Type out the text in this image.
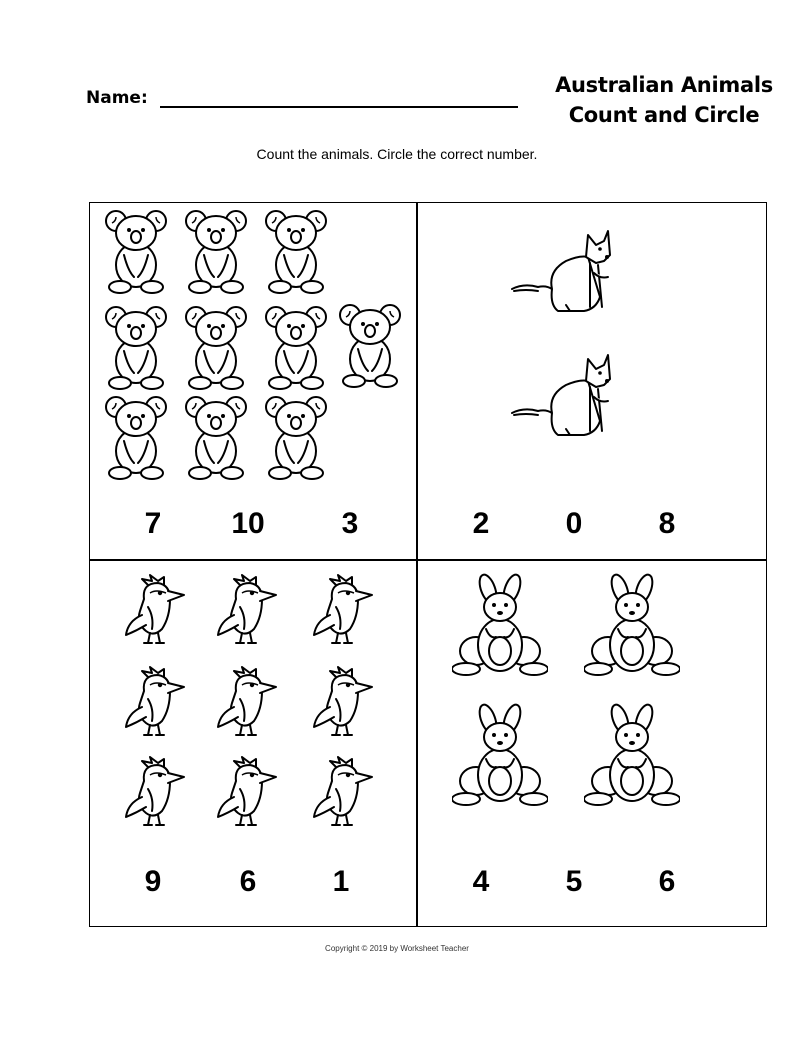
Name:
Australian Animals
Count and Circle
Count the animals. Circle the correct number.
7	10	3	2	0	8
9	6	1	4	5	6
Copyright © 2019 by Worksheet Teacher
